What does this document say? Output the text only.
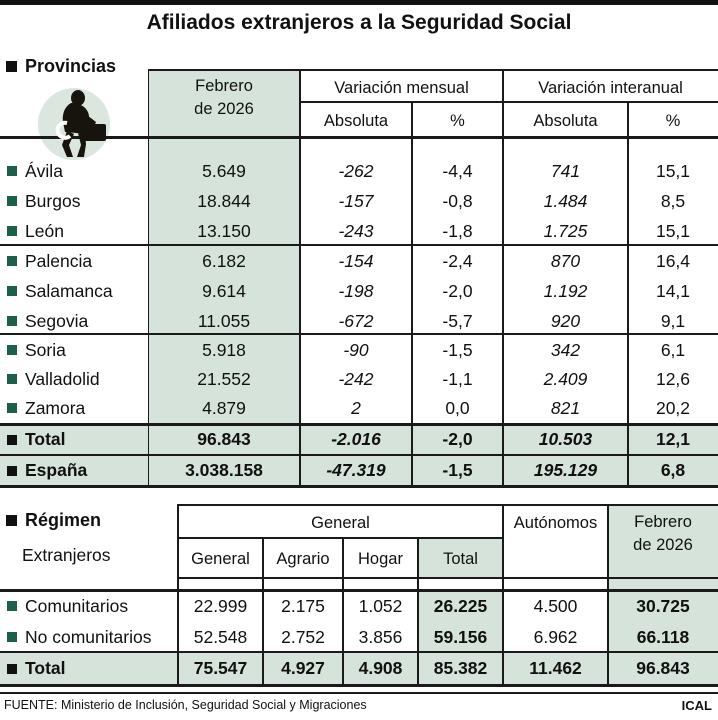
Afiliados extranjeros a la Seguridad Social
Provincias
Febrero
de 2026
Variación mensual	Variación interanual
Absoluta	%	Absoluta	%
Ávila	5.649	-262	-4,4	741	15,1
Burgos	18.844	-157	-0,8	1.484	8,5
León	13.150	-243	-1,8	1.725	15,1
Palencia	6.182	-154	-2,4	870	16,4
Salamanca	9.614	-198	-2,0	1.192	14,1
Segovia	11.055	-672	-5,7	920	9,1
Soria	5.918	-90	-1,5	342	6,1
Valladolid	21.552	-242	-1,1	2.409	12,6
Zamora	4.879	2	0,0	821	20,2
Total	96.843	-2.016	-2,0	10.503	12,1
España	3.038.158	-47.319	-1,5	195.129	6,8
Régimen
Extranjeros
General
General	Agrario	Hogar	Total
Autónomos	Febrero
de 2026
Comunitarios	22.999	2.175	1.052	26.225	4.500	30.725
No comunitarios	52.548	2.752	3.856	59.156	6.962	66.118
Total	75.547	4.927	4.908	85.382	11.462	96.843
FUENTE: Ministerio de Inclusión, Seguridad Social y Migraciones	ICAL
